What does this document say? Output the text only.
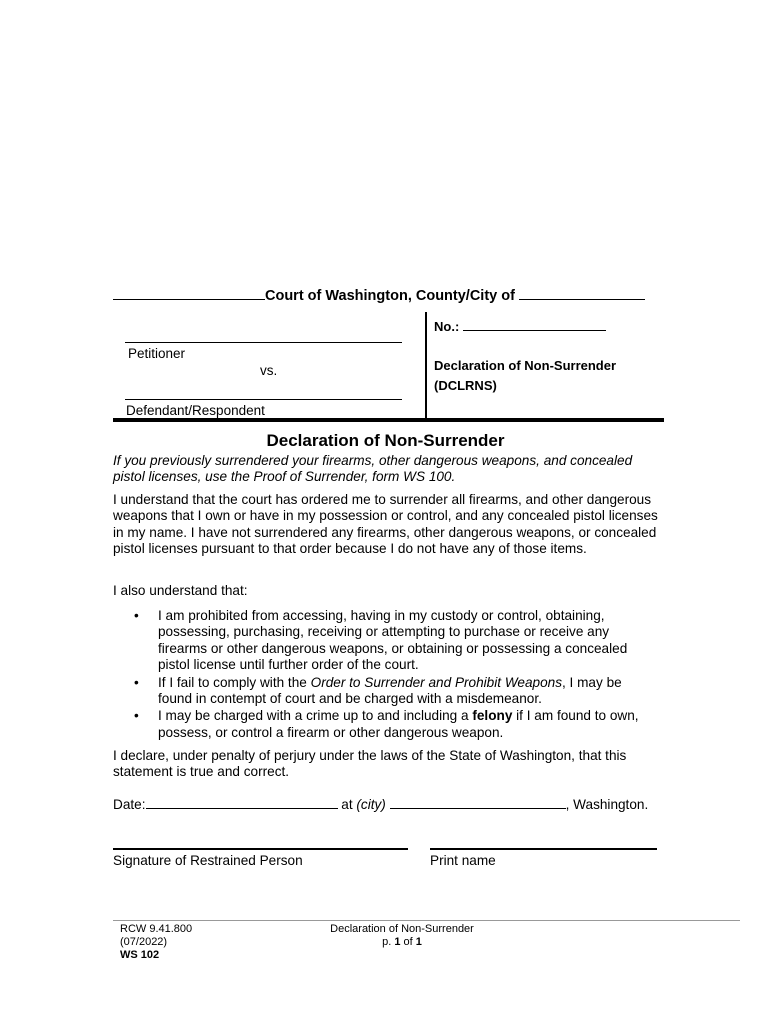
Court of Washington, County/City of
Petitioner
vs.
Defendant/Respondent
No.:
Declaration of Non-Surrender
(DCLRNS)
Declaration of Non-Surrender
If you previously surrendered your firearms, other dangerous weapons, and concealed pistol licenses, use the Proof of Surrender, form WS 100.
I understand that the court has ordered me to surrender all firearms, and other dangerous weapons that I own or have in my possession or control, and any concealed pistol licenses in my name. I have not surrendered any firearms, other dangerous weapons, or concealed pistol licenses pursuant to that order because I do not have any of those items.
I also understand that:
• I am prohibited from accessing, having in my custody or control, obtaining, possessing, purchasing, receiving or attempting to purchase or receive any firearms or other dangerous weapons, or obtaining or possessing a concealed pistol license until further order of the court.
• If I fail to comply with the Order to Surrender and Prohibit Weapons, I may be found in contempt of court and be charged with a misdemeanor.
• I may be charged with a crime up to and including a felony if I am found to own, possess, or control a firearm or other dangerous weapon.
I declare, under penalty of perjury under the laws of the State of Washington, that this statement is true and correct.
Date:	at (city)	, Washington.
Signature of Restrained Person	Print name
RCW 9.41.800
(07/2022)
WS 102
Declaration of Non-Surrender
p. 1 of 1
